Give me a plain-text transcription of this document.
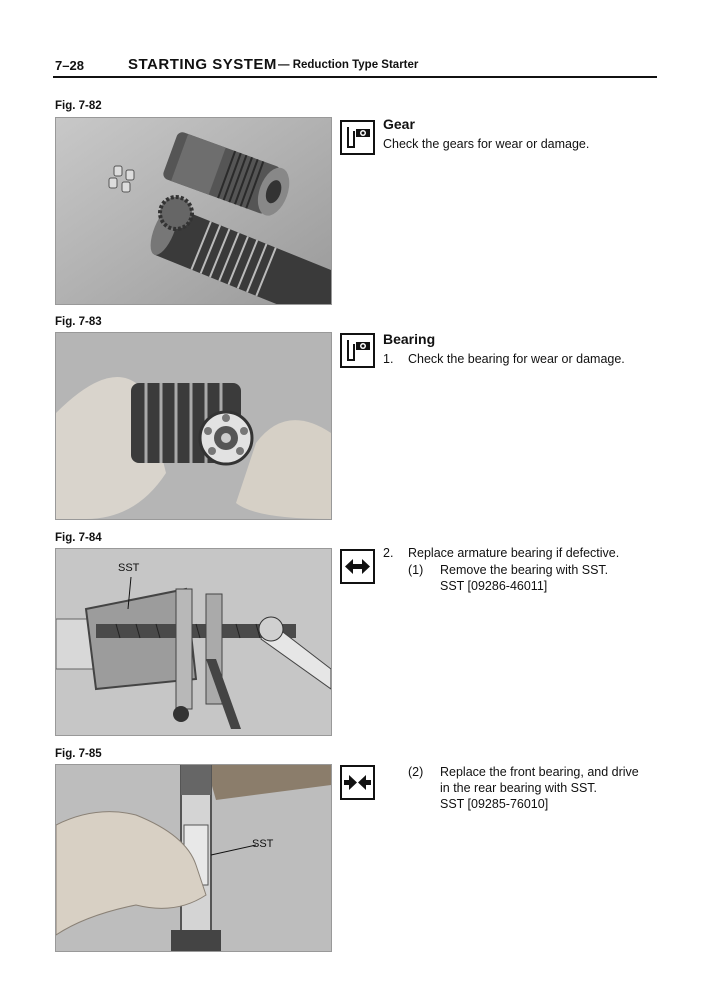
7–28	STARTING SYSTEM — Reduction Type Starter
Fig. 7-82
Gear
Check the gears for wear or damage.
Fig. 7-83
Bearing
1. Check the bearing for wear or damage.
Fig. 7-84
SST
2. Replace armature bearing if defective.
(1) Remove the bearing with SST.
SST [09286-46011]
Fig. 7-85
SST
(2) Replace the front bearing, and drive
in the rear bearing with SST.
SST [09285-76010]
